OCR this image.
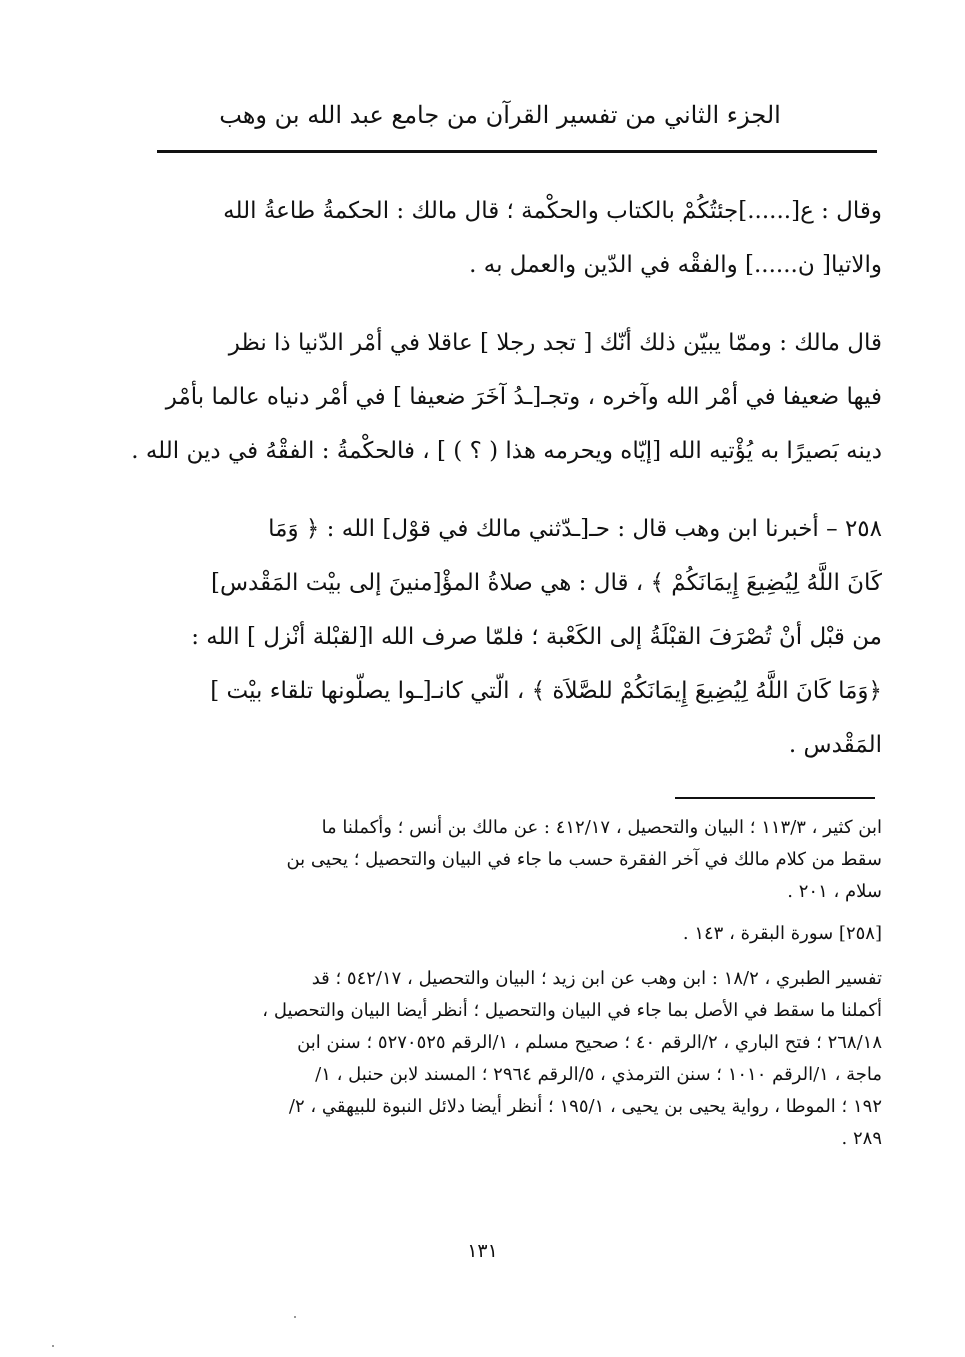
الجزء الثاني من تفسير القرآن من جامع عبد الله بن وهب

وقال : ع[......]جئتُكُمْ بالكتاب والحكْمة ؛ قال مالك : الحكمةُ طاعةُ الله
والاتيا[ ن......] والفقْه في الدّين والعمل به .

قال مالك : وممّا يبيّن ذلك أنّك [ تجد رجلا ] عاقلا في أمْر الدّنيا ذا نظر
فيها ضعيفا في أمْر الله وآخره ، وتجـ[ـدُ آخَرَ ضعيفا ] في أمْر دنياه عالما بأمْر
دينه بَصيرًا به يُؤْتيه الله [إيّاه ويحرمه هذا ( ؟ ) ] ، فالحكْمةُ : الفقْهُ في دين الله .

٢٥٨ – أخبرنا ابن وهب قال : حـ[ـدّثني مالك في قوْل] الله : ﴿ وَمَا
كَانَ اللَّهُ لِيُضِيعَ إِيمَانَكُمْ ﴾ ، قال : هي صلاةُ المؤْ[منينَ إلى بيْت المَقْدس]
من قبْل أنْ تُصْرَفَ القبْلَةُ إلى الكَعْبة ؛ فلمّا صرف الله ا[لقبْلة أنْزل ] الله :
﴿وَمَا كَانَ اللَّهُ لِيُضِيعَ إِيمَانَكُمْ للصَّلاَة ﴾ ، الّتي كانـ[ـوا يصلّونها تلقاء بيْت ]
المَقْدس .

ابن كثير ، ١١٣/٣ ؛ البيان والتحصيل ، ٤١٢/١٧ : عن مالك بن أنس ؛ وأكملنا ما
سقط من كلام مالك في آخر الفقرة حسب ما جاء في البيان والتحصيل ؛ يحيى بن
سلام ، ٢٠١ .
[٢٥٨] سورة البقرة ، ١٤٣ .
تفسير الطبري ، ١٨/٢ : ابن وهب عن ابن زيد ؛ البيان والتحصيل ، ٥٤٢/١٧ ؛ قد
أكملنا ما سقط في الأصل بما جاء في البيان والتحصيل ؛ أنظر أيضا البيان والتحصيل ،
٢٦٨/١٨ ؛ فتح الباري ، ٢/الرقم ٤٠ ؛ صحيح مسلم ، ١/الرقم ٥٢٧٠٥٢٥ ؛ سنن ابن
ماجة ، ١/الرقم ١٠١٠ ؛ سنن الترمذي ، ٥/الرقم ٢٩٦٤ ؛ المسند لابن حنبل ، ١/
١٩٢ ؛ الموطا ، رواية يحيى بن يحيى ، ١٩٥/١ ؛ أنظر أيضا دلائل النبوة للبيهقي ، ٢/
٢٨٩ .
١٣١
